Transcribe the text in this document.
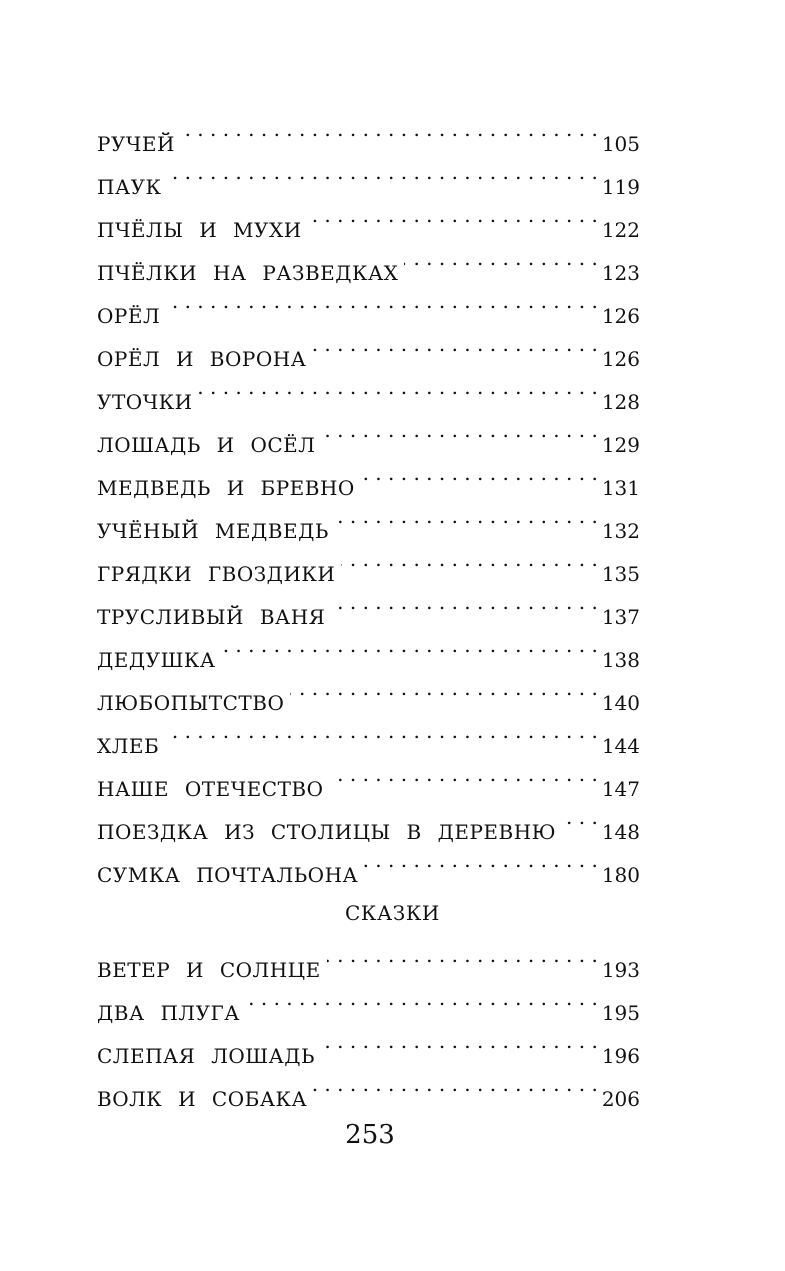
РУЧЕЙ . . .	105
ПАУК . . .	119
ПЧЁЛЫ И МУХИ . . .	122
ПЧЁЛКИ НА РАЗВЕДКАХ . . .	123
ОРЁЛ . . .	126
ОРЁЛ И ВОРОНА . . .	126
УТОЧКИ . . .	128
ЛОШАДЬ И ОСЁЛ . . .	129
МЕДВЕДЬ И БРЕВНО . . .	131
УЧЁНЫЙ МЕДВЕДЬ . . .	132
ГРЯДКИ ГВОЗДИКИ . . .	135
ТРУСЛИВЫЙ ВАНЯ . . .	137
ДЕДУШКА . . .	138
ЛЮБОПЫТСТВО . . .	140
ХЛЕБ . . .	144
НАШЕ ОТЕЧЕСТВО . . .	147
ПОЕЗДКА ИЗ СТОЛИЦЫ В ДЕРЕВНЮ . . . 148
СУМКА ПОЧТАЛЬОНА . . .	180
СКАЗКИ
ВЕТЕР И СОЛНЦЕ . . .	193
ДВА ПЛУГА . . .	195
СЛЕПАЯ ЛОШАДЬ . . .	196
ВОЛК И СОБАКА . . .	206
253
